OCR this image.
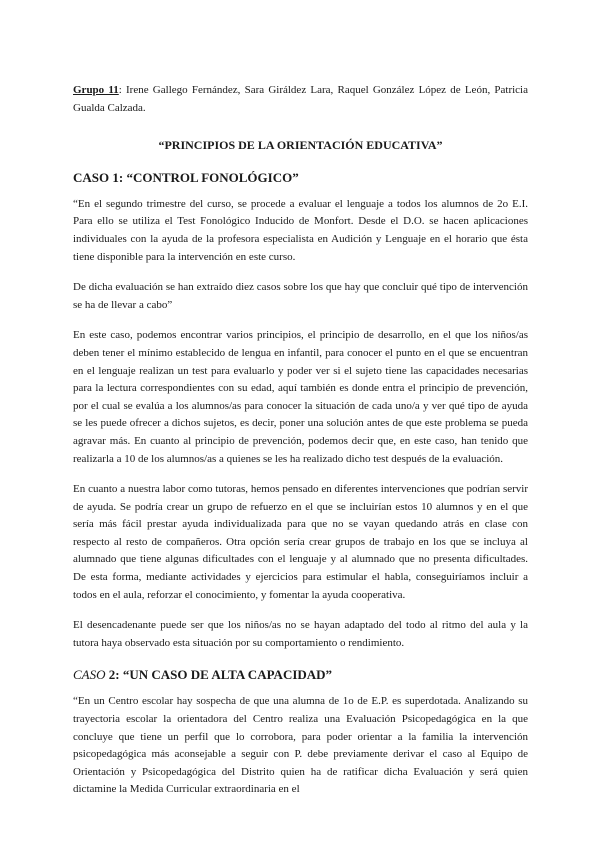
Grupo 11: Irene Gallego Fernández, Sara Giráldez Lara, Raquel González López de León, Patricia Gualda Calzada.

“PRINCIPIOS DE LA ORIENTACIÓN EDUCATIVA”

CASO 1: “CONTROL FONOLÓGICO”

“En el segundo trimestre del curso, se procede a evaluar el lenguaje a todos los alumnos de 2o E.I. Para ello se utiliza el Test Fonológico Inducido de Monfort. Desde el D.O. se hacen aplicaciones individuales con la ayuda de la profesora especialista en Audición y Lenguaje en el horario que ésta tiene disponible para la intervención en este curso.

De dicha evaluación se han extraído diez casos sobre los que hay que concluir qué tipo de intervención se ha de llevar a cabo”

En este caso, podemos encontrar varios principios, el principio de desarrollo, en el que los niños/as deben tener el mínimo establecido de lengua en infantil, para conocer el punto en el que se encuentran en el lenguaje realizan un test para evaluarlo y poder ver si el sujeto tiene las capacidades necesarias para la lectura correspondientes con su edad, aquí también es donde entra el principio de prevención, por el cual se evalúa a los alumnos/as para conocer la situación de cada uno/a y ver qué tipo de ayuda se les puede ofrecer a dichos sujetos, es decir, poner una solución antes de que este problema se pueda agravar más. En cuanto al principio de prevención, podemos decir que, en este caso, han tenido que realizarla a 10 de los alumnos/as a quienes se les ha realizado dicho test después de la evaluación.

En cuanto a nuestra labor como tutoras, hemos pensado en diferentes intervenciones que podrían servir de ayuda. Se podría crear un grupo de refuerzo en el que se incluirían estos 10 alumnos y en el que sería más fácil prestar ayuda individualizada para que no se vayan quedando atrás en clase con respecto al resto de compañeros. Otra opción sería crear grupos de trabajo en los que se incluya al alumnado que tiene algunas dificultades con el lenguaje y al alumnado que no presenta dificultades. De esta forma, mediante actividades y ejercicios para estimular el habla, conseguiríamos incluir a todos en el aula, reforzar el conocimiento, y fomentar la ayuda cooperativa.

El desencadenante puede ser que los niños/as no se hayan adaptado del todo al ritmo del aula y la tutora haya observado esta situación por su comportamiento o rendimiento.

CASO 2: “UN CASO DE ALTA CAPACIDAD”

“En un Centro escolar hay sospecha de que una alumna de 1o de E.P. es superdotada. Analizando su trayectoria escolar la orientadora del Centro realiza una Evaluación Psicopedagógica en la que concluye que tiene un perfil que lo corrobora, para poder orientar a la familia la intervención psicopedagógica más aconsejable a seguir con P. debe previamente derivar el caso al Equipo de Orientación y Psicopedagógica del Distrito quien ha de ratificar dicha Evaluación y será quien dictamine la Medida Curricular extraordinaria en el
